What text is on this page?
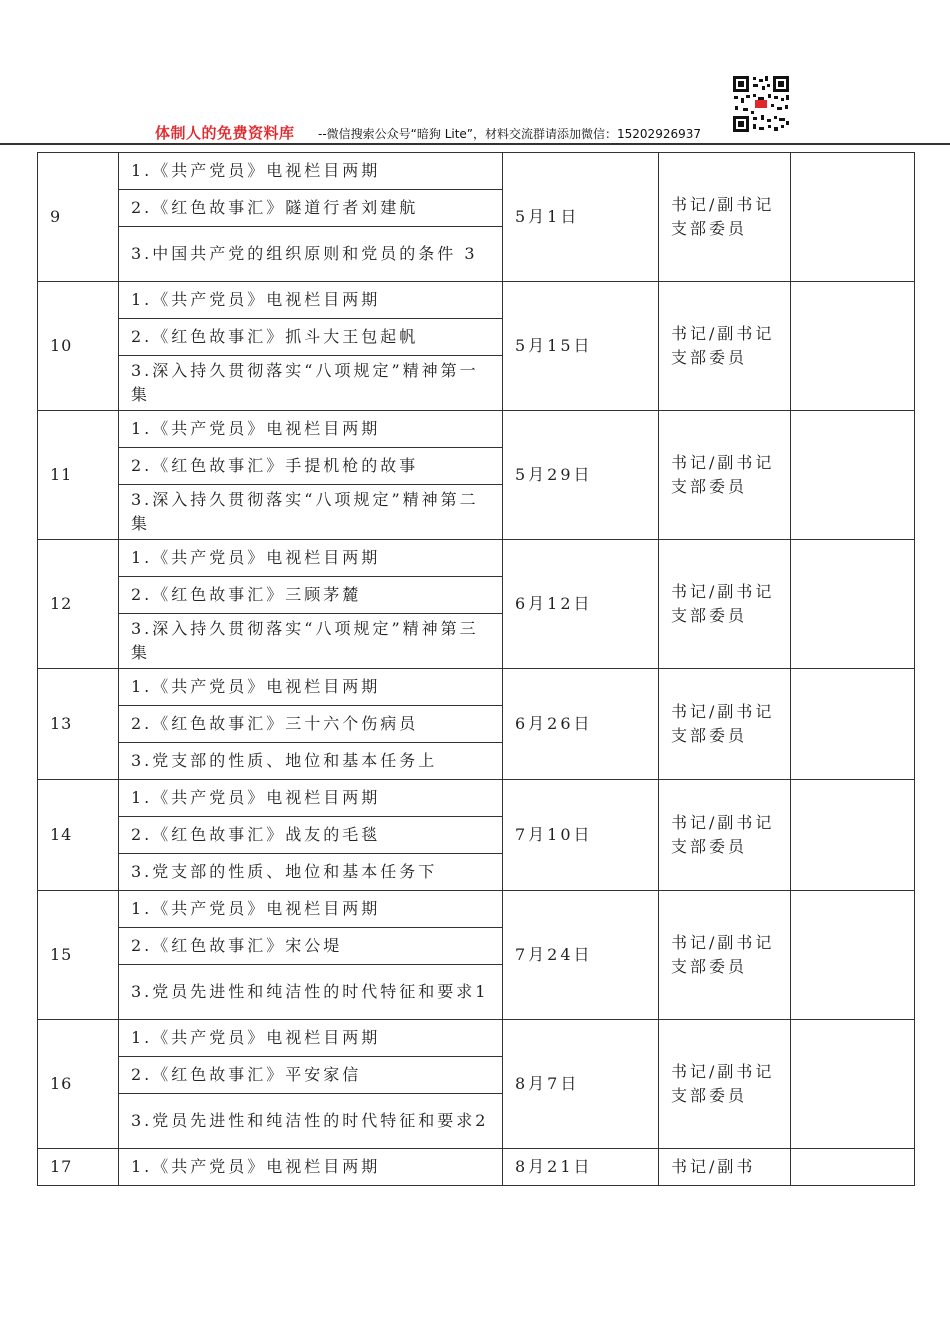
体制人的免费资料库 --微信搜索公众号“暗狗 Lite”，材料交流群请添加微信：15202926937
9	1.《共产党员》电视栏目两期	5月1日	书记/副书记
支部委员	

	2.《红色故事汇》隧道行者刘建航			
	3.中国共产党的组织原则和党员的条件 3			
10	1.《共产党员》电视栏目两期	5月15日	书记/副书记
支部委员	

	2.《红色故事汇》抓斗大王包起帆			
	3.深入持久贯彻落实“八项规定”精神第一集			
11	1.《共产党员》电视栏目两期	5月29日	书记/副书记
支部委员	

	2.《红色故事汇》手提机枪的故事			
	3.深入持久贯彻落实“八项规定”精神第二集			
12	1.《共产党员》电视栏目两期	6月12日	书记/副书记
支部委员	

	2.《红色故事汇》三顾茅麓			
	3.深入持久贯彻落实“八项规定”精神第三集			
13	1.《共产党员》电视栏目两期	6月26日	书记/副书记
支部委员	

	2.《红色故事汇》三十六个伤病员			
	3.党支部的性质、地位和基本任务上			
14	1.《共产党员》电视栏目两期	7月10日	书记/副书记
支部委员	

	2.《红色故事汇》战友的毛毯			
	3.党支部的性质、地位和基本任务下			
15	1.《共产党员》电视栏目两期	7月24日	书记/副书记
支部委员	

	2.《红色故事汇》宋公堤			
	3.党员先进性和纯洁性的时代特征和要求1			
16	1.《共产党员》电视栏目两期	8月7日	书记/副书记
支部委员	

	2.《红色故事汇》平安家信			
	3.党员先进性和纯洁性的时代特征和要求2			
17	1.《共产党员》电视栏目两期	8月21日	书记/副书	
